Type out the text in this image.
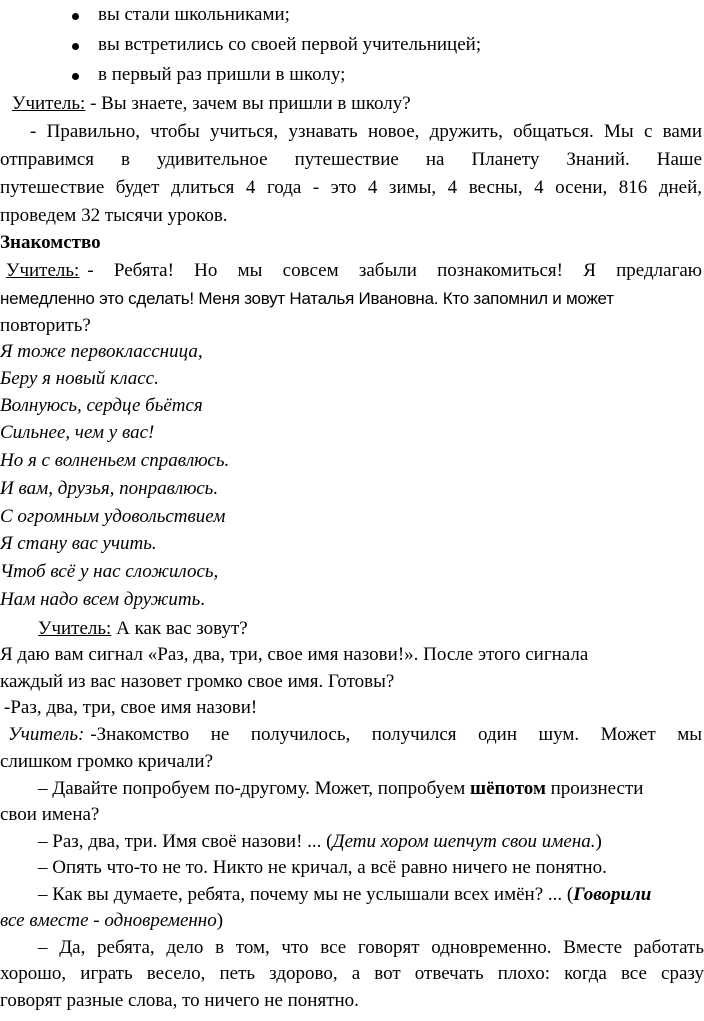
вы стали школьниками;
вы встретились со своей первой учительницей;
в первый раз пришли в школу;
Учитель: - Вы знаете, зачем вы пришли в школу?
- Правильно, чтобы учиться, узнавать новое, дружить, общаться. Мы с вами
отправимся в удивительное путешествие на Планету Знаний. Наше
путешествие будет длиться 4 года - это 4 зимы, 4 весны, 4 осени, 816 дней,
проведем 32 тысячи уроков.
Знакомство
Учитель: - Ребята! Но мы совсем забыли познакомиться! Я предлагаю
немедленно это сделать! Меня зовут Наталья Ивановна. Кто запомнил и может
повторить?
Я тоже первоклассница,
Беру я новый класс.
Волнуюсь, сердце бьётся
Сильнее, чем у вас!
Но я с волненьем справлюсь.
И вам, друзья, понравлюсь.
С огромным удовольствием
Я стану вас учить.
Чтоб всё у нас сложилось,
Нам надо всем дружить.
Учитель: А как вас зовут?
Я даю вам сигнал «Раз, два, три, свое имя назови!». После этого сигнала
каждый из вас назовет громко свое имя. Готовы?
-Раз, два, три, свое имя назови!
Учитель : -Знакомство не получилось, получился один шум. Может мы
слишком громко кричали?
– Давайте попробуем по-другому. Может, попробуем шёпотом произнести
свои имена?
– Раз, два, три. Имя своё назови! ... (Дети хором шепчут свои имена.)
– Опять что-то не то. Никто не кричал, а всё равно ничего не понятно.
– Как вы думаете, ребята, почему мы не услышали всех имён? ... (Говорили
все вместе - одновременно)
– Да, ребята, дело в том, что все говорят одновременно. Вместе работать
хорошо, играть весело, петь здорово, а вот отвечать плохо: когда все сразу
говорят разные слова, то ничего не понятно.
